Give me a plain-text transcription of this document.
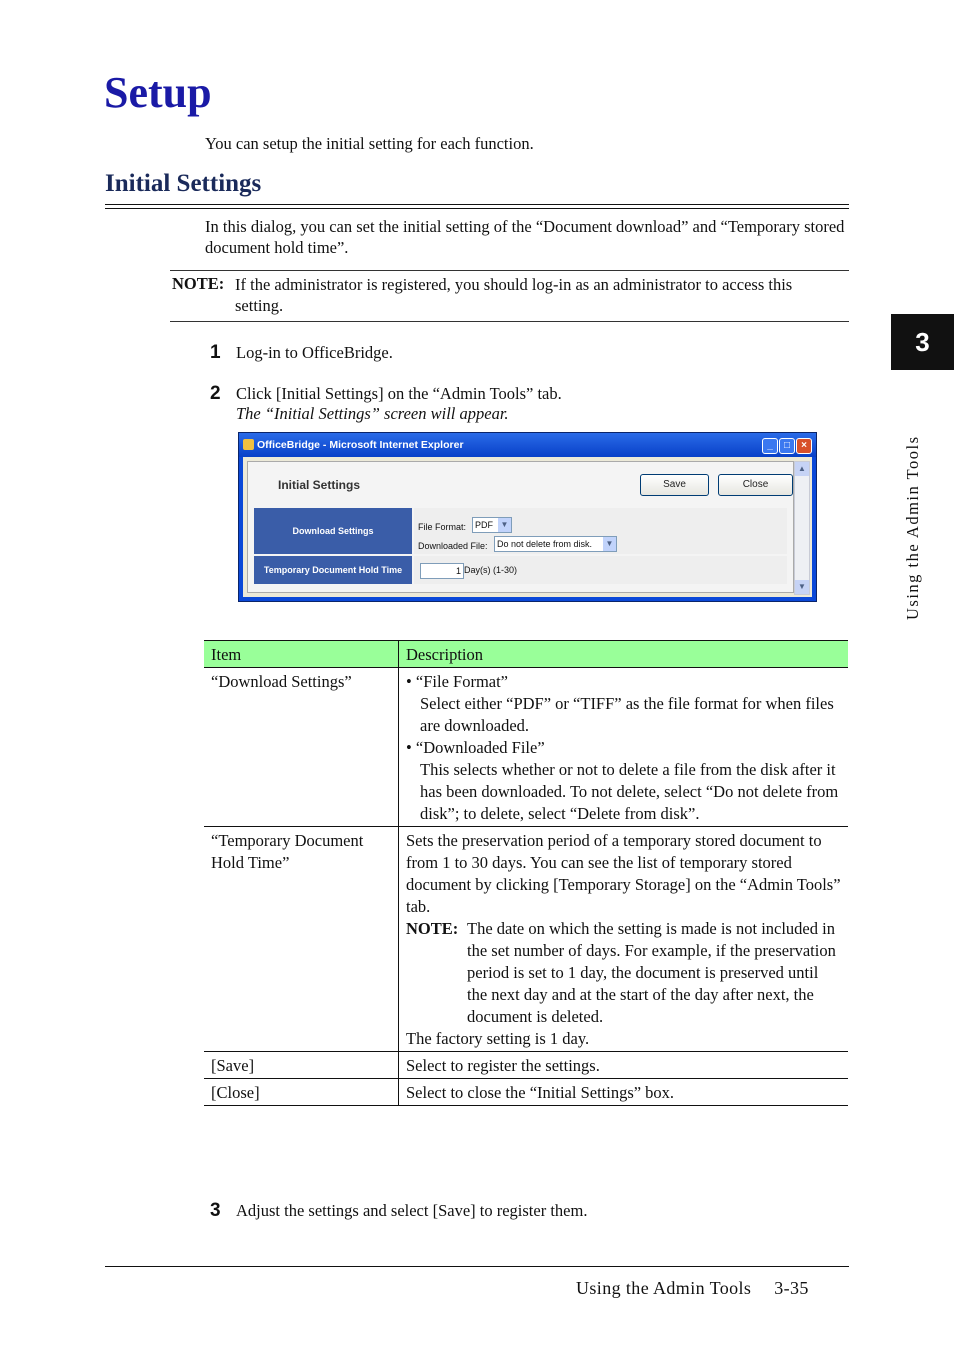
Setup
You can setup the initial setting for each function.
Initial Settings
In this dialog, you can set the initial setting of the “Document download” and “Temporary stored document hold time”.
NOTE: If the administrator is registered, you should log-in as an administrator to access this setting.
1 Log-in to OfficeBridge.
2 Click [Initial Settings] on the “Admin Tools” tab.
The “Initial Settings” screen will appear.
OfficeBridge - Microsoft Internet Explorer	_	□	×
Initial Settings	Save	Close
Download Settings	File Format: PDF ▼
Downloaded File:	Do not delete from disk.	▼
Temporary Document Hold Time	1 Day(s) (1-30)
▲
▼
Item	Description
“Download Settings”	• “File Format”
Select either “PDF” or “TIFF” as the file format for when files are downloaded.
• “Downloaded File”
This selects whether or not to delete a file from the disk after it has been downloaded. To not delete, select “Do not delete from disk”; to delete, select “Delete from disk”.

“Temporary Document Hold Time”	Sets the preservation period of a temporary stored document to from 1 to 30 days. You can see the list of temporary stored document by clicking [Temporary Storage] on the “Admin Tools” tab.
NOTE: The date on which the setting is made is not included in the set number of days. For example, if the preservation period is set to 1 day, the document is preserved until the next day and at the start of the day after next, the document is deleted.
The factory setting is 1 day.

[Save]	Select to register the settings.
[Close]	Select to close the “Initial Settings” box.
3 Adjust the settings and select [Save] to register them.
3
Using the Admin Tools
Using the Admin Tools 3-35
